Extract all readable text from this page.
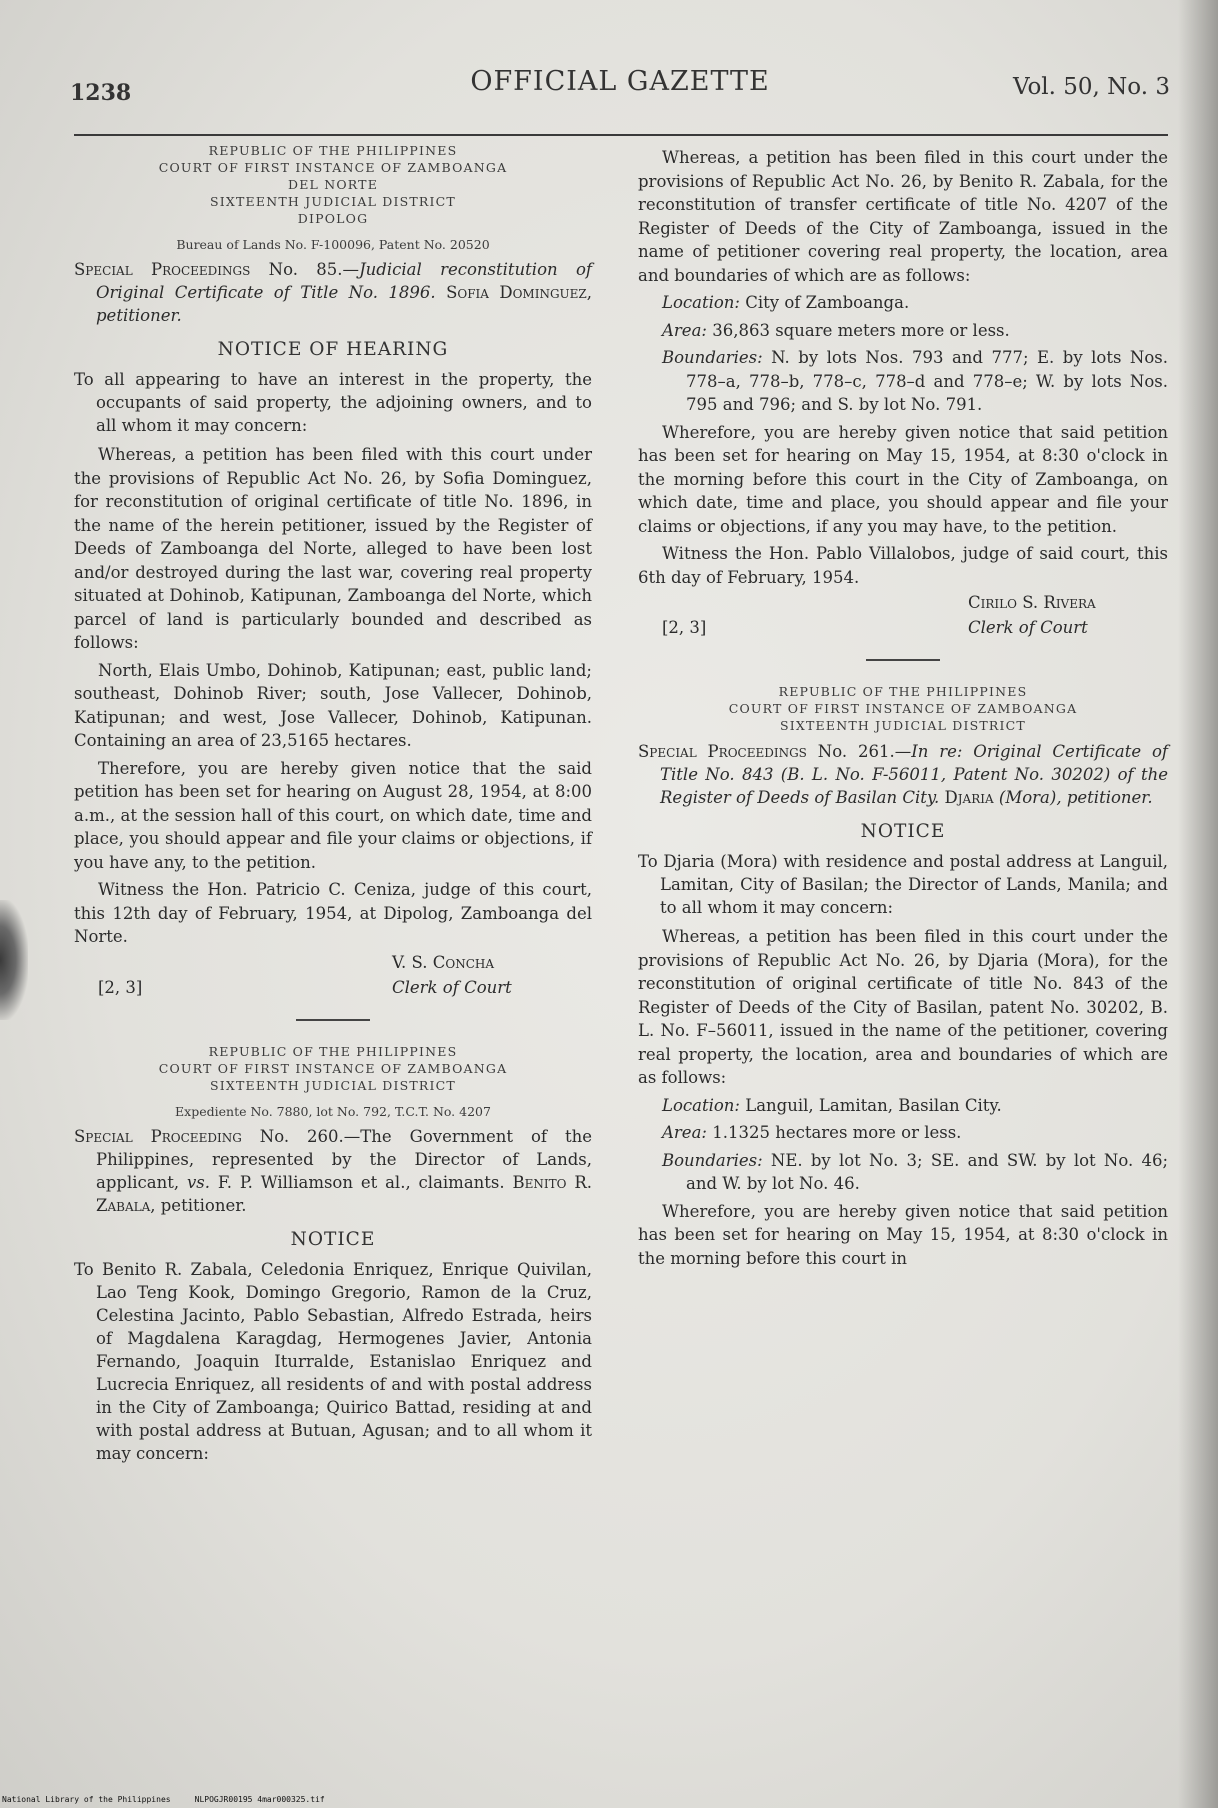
1238	OFFICIAL GAZETTE	Vol. 50, No. 3
REPUBLIC OF THE PHILIPPINES
COURT OF FIRST INSTANCE OF ZAMBOANGA
DEL NORTE
SIXTEENTH JUDICIAL DISTRICT
DIPOLOG
Bureau of Lands No. F-100096, Patent No. 20520
Special Proceedings No. 85.—Judicial reconstitution of Original Certificate of Title No. 1896. Sofia Dominguez, petitioner.
NOTICE OF HEARING
To all appearing to have an interest in the property, the occupants of said property, the adjoining owners, and to all whom it may concern:
Whereas, a petition has been filed with this court under the provisions of Republic Act No. 26, by Sofia Dominguez, for reconstitution of original certificate of title No. 1896, in the name of the herein petitioner, issued by the Register of Deeds of Zamboanga del Norte, alleged to have been lost and/or destroyed during the last war, covering real property situated at Dohinob, Katipunan, Zamboanga del Norte, which parcel of land is particularly bounded and described as follows:
North, Elais Umbo, Dohinob, Katipunan; east, public land; southeast, Dohinob River; south, Jose Vallecer, Dohinob, Katipunan; and west, Jose Vallecer, Dohinob, Katipunan. Containing an area of 23,5165 hectares.
Therefore, you are hereby given notice that the said petition has been set for hearing on August 28, 1954, at 8:00 a.m., at the session hall of this court, on which date, time and place, you should appear and file your claims or objections, if you have any, to the petition.
Witness the Hon. Patricio C. Ceniza, judge of this court, this 12th day of February, 1954, at Dipolog, Zamboanga del Norte.
V. S. Concha
Clerk of Court
[2, 3]
REPUBLIC OF THE PHILIPPINES
COURT OF FIRST INSTANCE OF ZAMBOANGA
SIXTEENTH JUDICIAL DISTRICT
Expediente No. 7880, lot No. 792, T.C.T. No. 4207
Special Proceeding No. 260.—The Government of the Philippines, represented by the Director of Lands, applicant, vs. F. P. Williamson et al., claimants. Benito R. Zabala, petitioner.
NOTICE
To Benito R. Zabala, Celedonia Enriquez, Enrique Quivilan, Lao Teng Kook, Domingo Gregorio, Ramon de la Cruz, Celestina Jacinto, Pablo Sebastian, Alfredo Estrada, heirs of Magdalena Karagdag, Hermogenes Javier, Antonia Fernando, Joaquin Iturralde, Estanislao Enriquez and Lucrecia Enriquez, all residents of and with postal address in the City of Zamboanga; Quirico Battad, residing at and with postal address at Butuan, Agusan; and to all whom it may concern:
Whereas, a petition has been filed in this court under the provisions of Republic Act No. 26, by Benito R. Zabala, for the reconstitution of transfer certificate of title No. 4207 of the Register of Deeds of the City of Zamboanga, issued in the name of petitioner covering real property, the location, area and boundaries of which are as follows:
Location: City of Zamboanga.
Area: 36,863 square meters more or less.
Boundaries: N. by lots Nos. 793 and 777; E. by lots Nos. 778–a, 778–b, 778–c, 778–d and 778–e; W. by lots Nos. 795 and 796; and S. by lot No. 791.
Wherefore, you are hereby given notice that said petition has been set for hearing on May 15, 1954, at 8:30 o'clock in the morning before this court in the City of Zamboanga, on which date, time and place, you should appear and file your claims or objections, if any you may have, to the petition.
Witness the Hon. Pablo Villalobos, judge of said court, this 6th day of February, 1954.
Cirilo S. Rivera
Clerk of Court
[2, 3]
REPUBLIC OF THE PHILIPPINES
COURT OF FIRST INSTANCE OF ZAMBOANGA
SIXTEENTH JUDICIAL DISTRICT
Special Proceedings No. 261.—In re: Original Certificate of Title No. 843 (B. L. No. F-56011, Patent No. 30202) of the Register of Deeds of Basilan City. Djaria (Mora), petitioner.
NOTICE
To Djaria (Mora) with residence and postal address at Languil, Lamitan, City of Basilan; the Director of Lands, Manila; and to all whom it may concern:
Whereas, a petition has been filed in this court under the provisions of Republic Act No. 26, by Djaria (Mora), for the reconstitution of original certificate of title No. 843 of the Register of Deeds of the City of Basilan, patent No. 30202, B. L. No. F–56011, issued in the name of the petitioner, covering real property, the location, area and boundaries of which are as follows:
Location: Languil, Lamitan, Basilan City.
Area: 1.1325 hectares more or less.
Boundaries: NE. by lot No. 3; SE. and SW. by lot No. 46; and W. by lot No. 46.
Wherefore, you are hereby given notice that said petition has been set for hearing on May 15, 1954, at 8:30 o'clock in the morning before this court in
National Library of the Philippines     NLPOGJR00195 4mar000325.tif
